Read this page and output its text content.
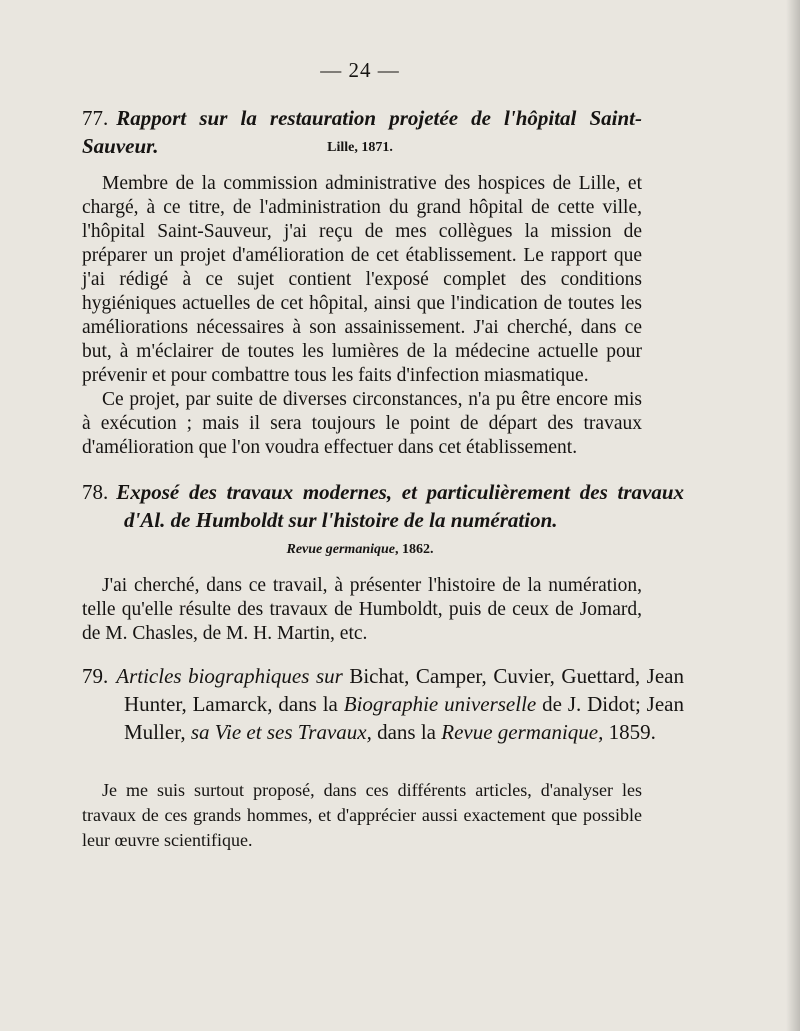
— 24 —
77. Rapport sur la restauration projetée de l'hôpital Saint-Sauveur.	Lille, 1871.

Membre de la commission administrative des hospices de Lille, et chargé, à ce titre, de l'administration du grand hôpital de cette ville, l'hôpital Saint-Sauveur, j'ai reçu de mes collègues la mission de préparer un projet d'amélioration de cet établissement. Le rapport que j'ai rédigé à ce sujet contient l'exposé complet des conditions hygiéniques actuelles de cet hôpital, ainsi que l'indication de toutes les améliorations nécessaires à son assainissement. J'ai cherché, dans ce but, à m'éclairer de toutes les lumières de la médecine actuelle pour prévenir et pour combattre tous les faits d'infection miasmatique.

Ce projet, par suite de diverses circonstances, n'a pu être encore mis à exécution ; mais il sera toujours le point de départ des travaux d'amélioration que l'on voudra effectuer dans cet établissement.

78. Exposé des travaux modernes, et particulièrement des travaux d'Al. de Humboldt sur l'histoire de la numération.
Revue germanique, 1862.

J'ai cherché, dans ce travail, à présenter l'histoire de la numération, telle qu'elle résulte des travaux de Humboldt, puis de ceux de Jomard, de M. Chasles, de M. H. Martin, etc.

79. Articles biographiques sur Bichat, Camper, Cuvier, Guettard, Jean Hunter, Lamarck, dans la Biographie universelle de J. Didot; Jean Muller, sa Vie et ses Travaux, dans la Revue germanique, 1859.

Je me suis surtout proposé, dans ces différents articles, d'analyser les travaux de ces grands hommes, et d'apprécier aussi exactement que possible leur œuvre scientifique.
